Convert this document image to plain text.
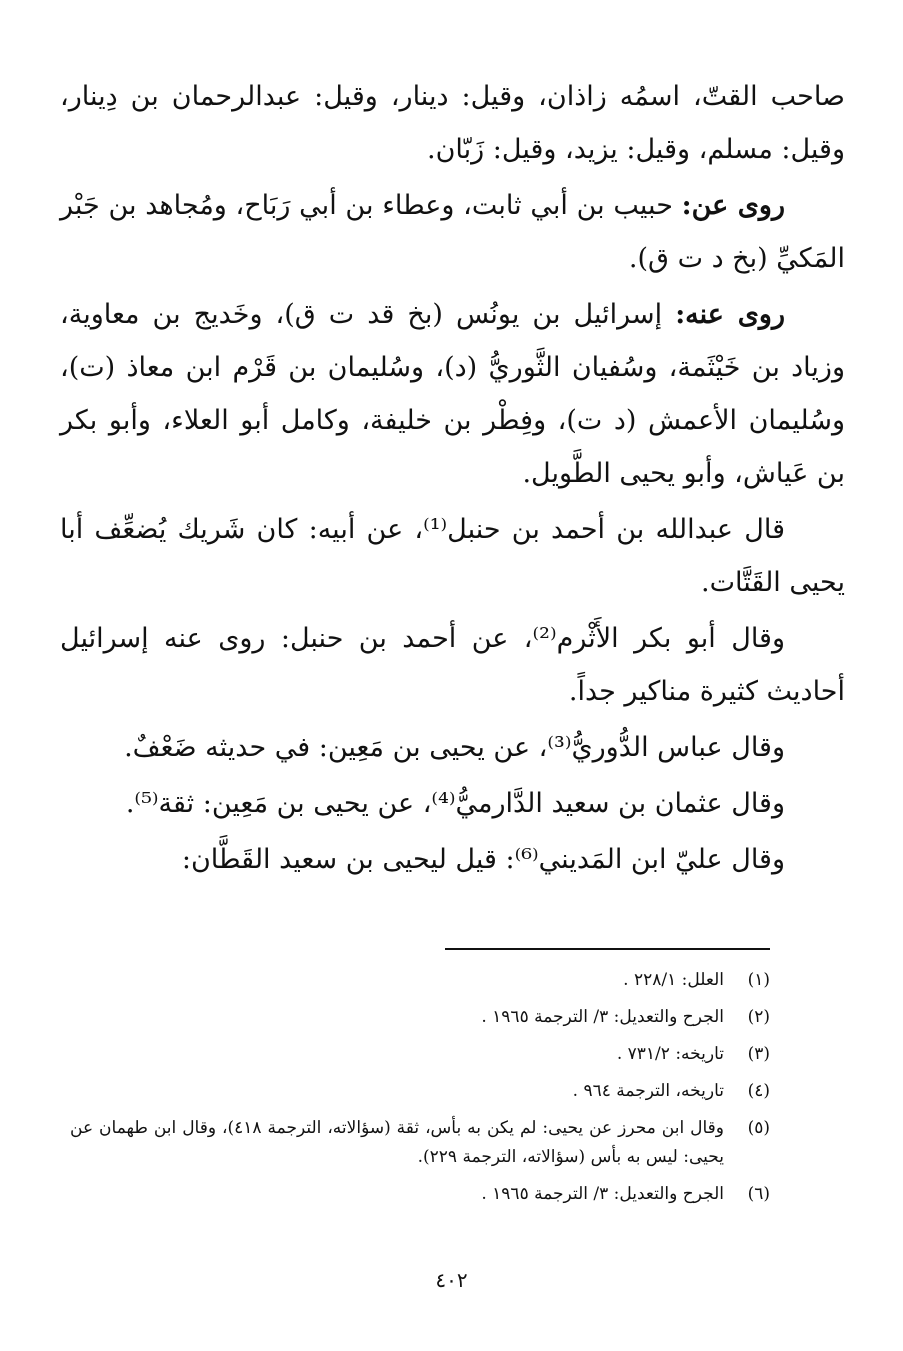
صاحب القتّ، اسمُه زاذان، وقيل: دينار، وقيل: عبدالرحمان بن دِينار، وقيل: مسلم، وقيل: يزيد، وقيل: زَبّان.

روى عن: حبيب بن أبي ثابت، وعطاء بن أبي رَبَاح، ومُجاهد بن جَبْر المَكيِّ (بخ د ت ق).

روى عنه: إسرائيل بن يونُس (بخ قد ت ق)، وخَديج بن معاوية، وزياد بن خَيْثَمة، وسُفيان الثَّوريُّ (د)، وسُليمان بن قَرْم ابن معاذ (ت)، وسُليمان الأعمش (د ت)، وفِطْر بن خليفة، وكامل أبو العلاء، وأبو بكر بن عَياش، وأبو يحيى الطَّويل.

قال عبدالله بن أحمد بن حنبل⁽¹⁾، عن أبيه: كان شَريك يُضعِّف أبا يحيى القَتَّات.

وقال أبو بكر الأَثْرم⁽²⁾، عن أحمد بن حنبل: روى عنه إسرائيل أحاديث كثيرة مناكير جداً.

وقال عباس الدُّوريُّ⁽³⁾، عن يحيى بن مَعِين: في حديثه ضَعْفٌ.

وقال عثمان بن سعيد الدَّارميُّ⁽⁴⁾، عن يحيى بن مَعِين: ثقة⁽⁵⁾.

وقال عليّ ابن المَديني⁽⁶⁾: قيل ليحيى بن سعيد القَطَّان:

(١)
العلل: ٢٢٨/١ .
(٢)
الجرح والتعديل: ٣/ الترجمة ١٩٦٥ .
(٣)
تاريخه: ٧٣١/٢ .
(٤)
تاريخه، الترجمة ٩٦٤ .
(٥)
وقال ابن محرز عن يحيى: لم يكن به بأس، ثقة (سؤالاته، الترجمة ٤١٨)، وقال ابن طهمان عن يحيى: ليس به بأس (سؤالاته، الترجمة ٢٢٩).
(٦)
الجرح والتعديل: ٣/ الترجمة ١٩٦٥ .
٤٠٢
